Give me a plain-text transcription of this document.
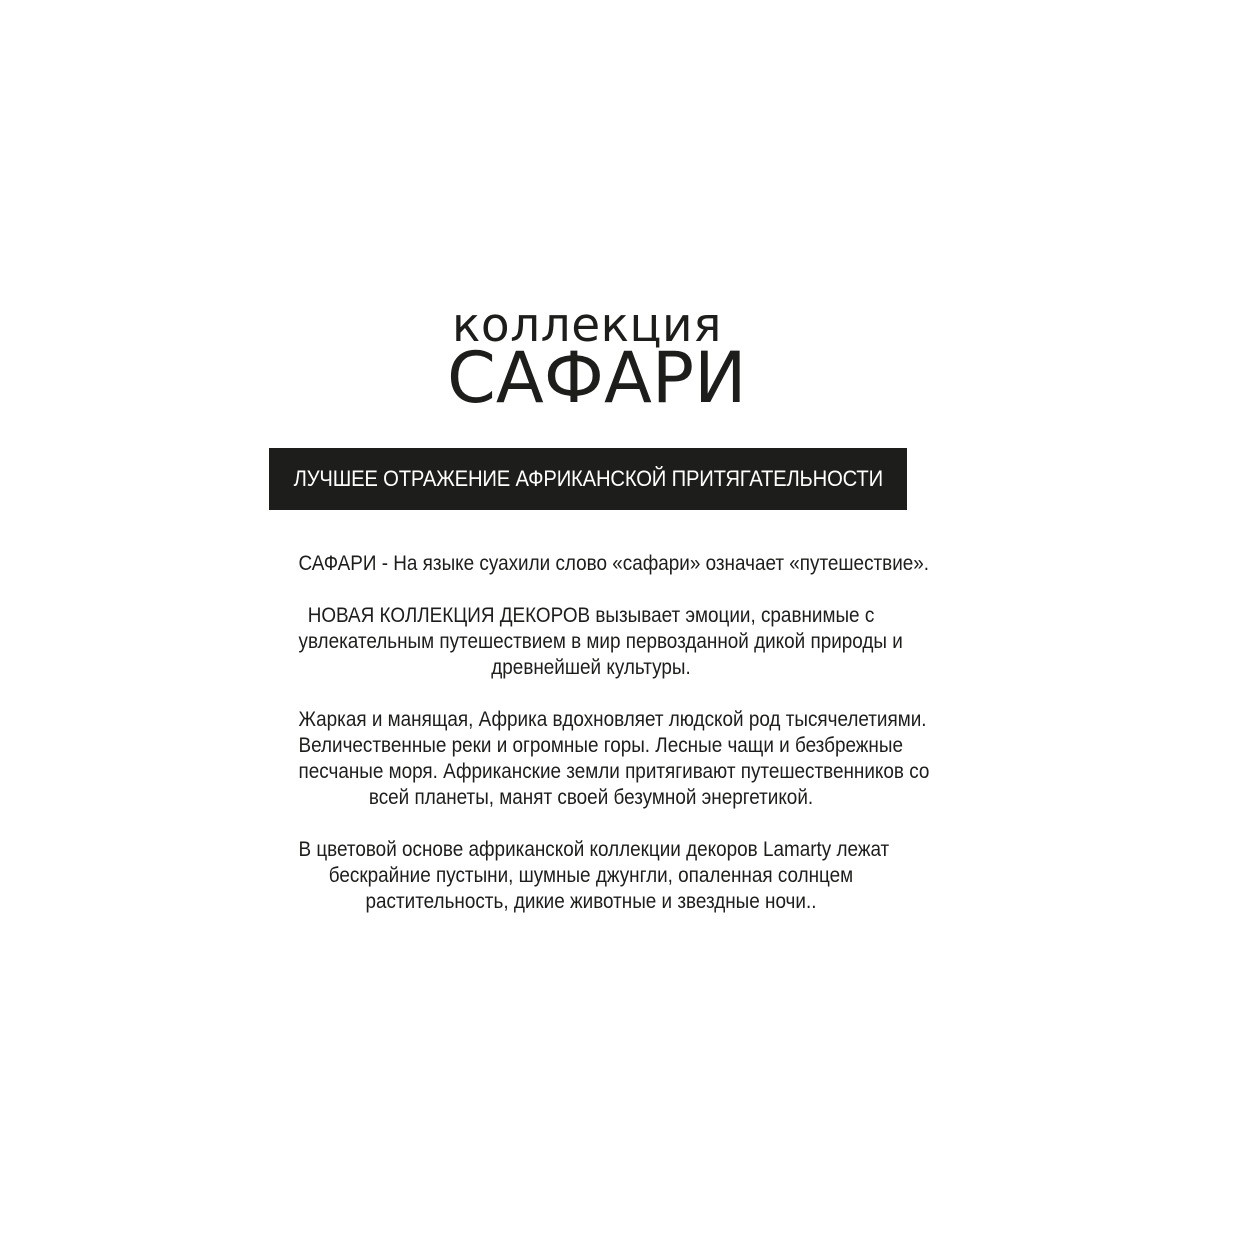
коллекция
САФАРИ
ЛУЧШЕЕ ОТРАЖЕНИЕ АФРИКАНСКОЙ ПРИТЯГАТЕЛЬНОСТИ

САФАРИ - На языке суахили слово «сафари» означает «путешествие».

НОВАЯ КОЛЛЕКЦИЯ ДЕКОРОВ вызывает эмоции, сравнимые с
увлекательным путешествием в мир первозданной дикой природы и
древнейшей культуры.

Жаркая и манящая, Африка вдохновляет людской род тысячелетиями.
Величественные реки и огромные горы. Лесные чащи и безбрежные
песчаные моря. Африканские земли притягивают путешественников со
всей планеты, манят своей безумной энергетикой.

В цветовой основе африканской коллекции декоров Lamarty лежат
бескрайние пустыни, шумные джунгли, опаленная солнцем
растительность, дикие животные и звездные ночи..
